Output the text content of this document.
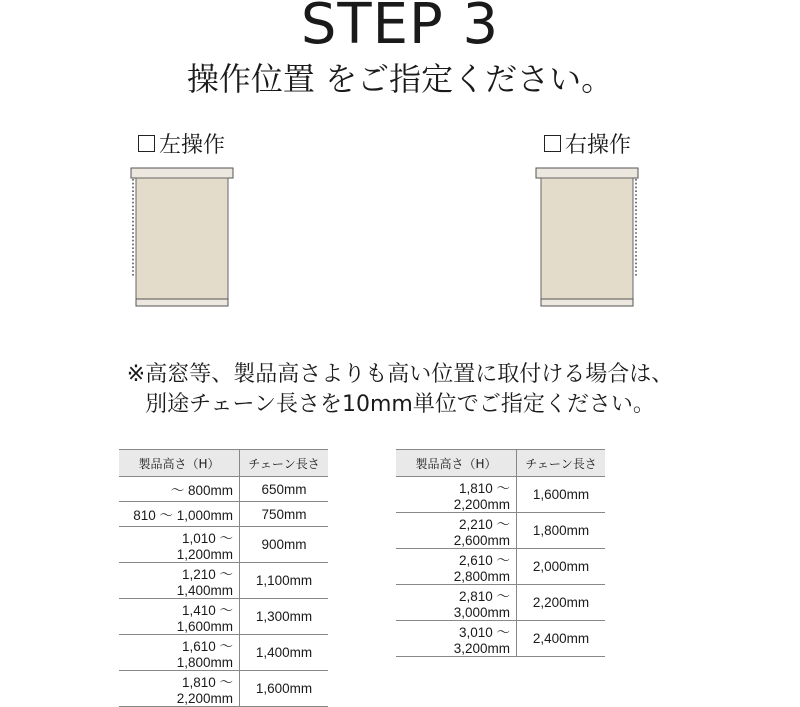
STEP 3
操作位置 をご指定ください。
左操作	右操作
※高窓等、製品高さよりも高い位置に取付ける場合は、
別途チェーン長さを10mm単位でご指定ください。
製品高さ（H）	チェーン長さ
～ 800mm	650mm
810 ～ 1,000mm	750mm
1,010 ～ 1,200mm	900mm
1,210 ～ 1,400mm	1,100mm
1,410 ～ 1,600mm	1,300mm
1,610 ～ 1,800mm	1,400mm
1,810 ～ 2,200mm	1,600mm
製品高さ（H）	チェーン長さ
1,810 ～ 2,200mm	1,600mm
2,210 ～ 2,600mm	1,800mm
2,610 ～ 2,800mm	2,000mm
2,810 ～ 3,000mm	2,200mm
3,010 ～ 3,200mm	2,400mm
